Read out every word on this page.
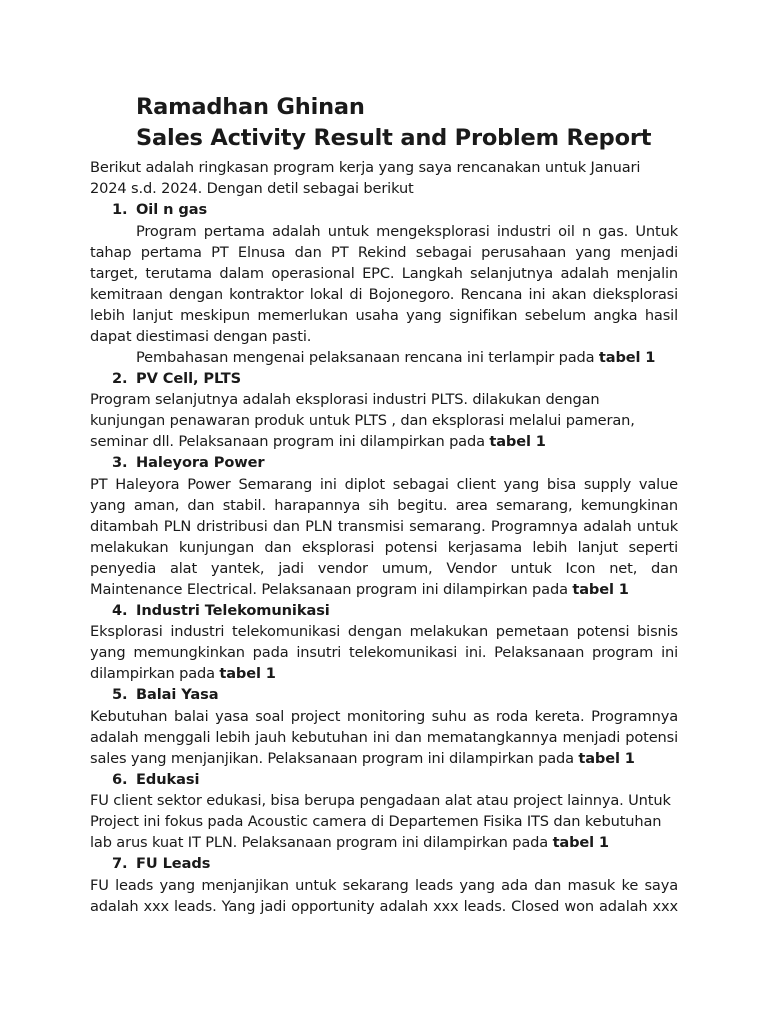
Ramadhan Ghinan
Sales Activity Result and Problem Report

Berikut adalah ringkasan program kerja yang saya rencanakan untuk Januari 2024 s.d. 2024. Dengan detil sebagai berikut

1. Oil n gas

Program pertama adalah untuk mengeksplorasi industri oil n gas. Untuk tahap pertama PT Elnusa dan PT Rekind sebagai perusahaan yang menjadi target, terutama dalam operasional EPC. Langkah selanjutnya adalah menjalin kemitraan dengan kontraktor lokal di Bojonegoro. Rencana ini akan dieksplorasi lebih lanjut meskipun memerlukan usaha yang signifikan sebelum angka hasil dapat diestimasi dengan pasti.

Pembahasan mengenai pelaksanaan rencana ini terlampir pada tabel 1

2. PV Cell, PLTS

Program selanjutnya adalah eksplorasi industri PLTS. dilakukan dengan kunjungan penawaran produk untuk PLTS , dan eksplorasi melalui pameran, seminar dll. Pelaksanaan program ini dilampirkan pada tabel 1

3. Haleyora Power

PT Haleyora Power Semarang ini diplot sebagai client yang bisa supply value yang aman, dan stabil. harapannya sih begitu. area semarang, kemungkinan ditambah PLN dristribusi dan PLN transmisi semarang. Programnya adalah untuk melakukan kunjungan dan eksplorasi potensi kerjasama lebih lanjut seperti penyedia alat yantek, jadi vendor umum, Vendor untuk Icon net, dan Maintenance Electrical. Pelaksanaan program ini dilampirkan pada tabel 1

4. Industri Telekomunikasi

Eksplorasi industri telekomunikasi dengan melakukan pemetaan potensi bisnis yang memungkinkan pada insutri telekomunikasi ini. Pelaksanaan program ini dilampirkan pada tabel 1

5. Balai Yasa

Kebutuhan balai yasa soal project monitoring suhu as roda kereta. Programnya adalah menggali lebih jauh kebutuhan ini dan mematangkannya menjadi potensi sales yang menjanjikan. Pelaksanaan program ini dilampirkan pada tabel 1

6. Edukasi

FU client sektor edukasi, bisa berupa pengadaan alat atau project lainnya. Untuk Project ini fokus pada Acoustic camera di Departemen Fisika ITS dan kebutuhan lab arus kuat IT PLN. Pelaksanaan program ini dilampirkan pada tabel 1

7. FU Leads

FU leads yang menjanjikan untuk sekarang leads yang ada dan masuk ke saya adalah xxx leads. Yang jadi opportunity adalah xxx leads. Closed won adalah xxx
